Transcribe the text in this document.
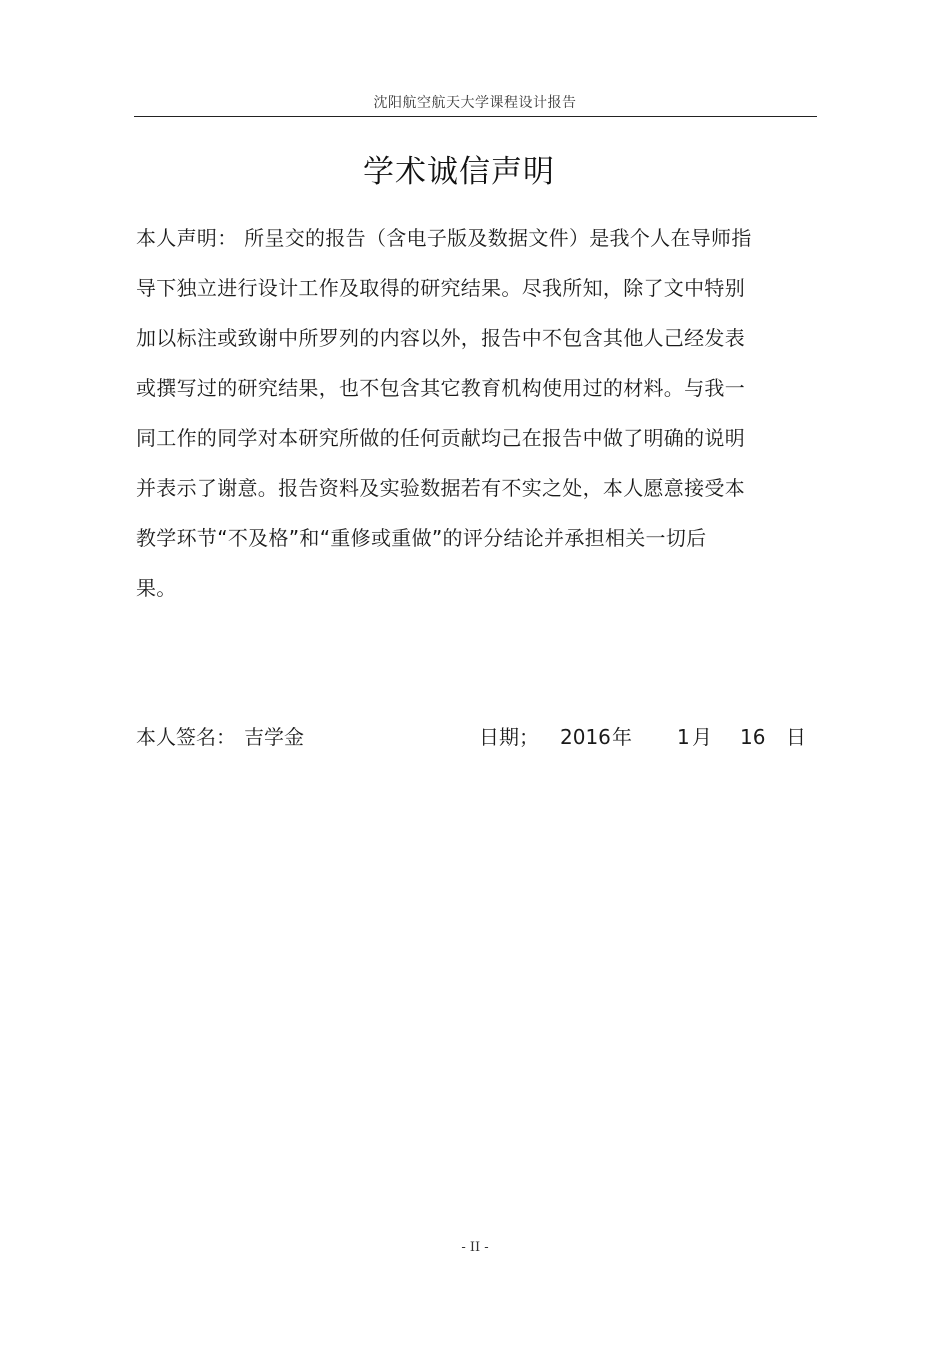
沈阳航空航天大学课程设计报告
学术诚信声明
本人声明： 所呈交的报告（含电子版及数据文件）是我个人在导师指
导下独立进行设计工作及取得的研究结果。尽我所知，除了文中特别
加以标注或致谢中所罗列的内容以外，报告中不包含其他人己经发表
或撰写过的研究结果，也不包含其它教育机构使用过的材料。与我一
同工作的同学对本研究所做的任何贡献均己在报告中做了明确的说明
并表示了谢意。报告资料及实验数据若有不实之处，本人愿意接受本
教学环节“不及格”和“重修或重做”的评分结论并承担相关一切后
果。
本人签名： 吉学金	日期； 2016 年 1 月 16 日
- II -
